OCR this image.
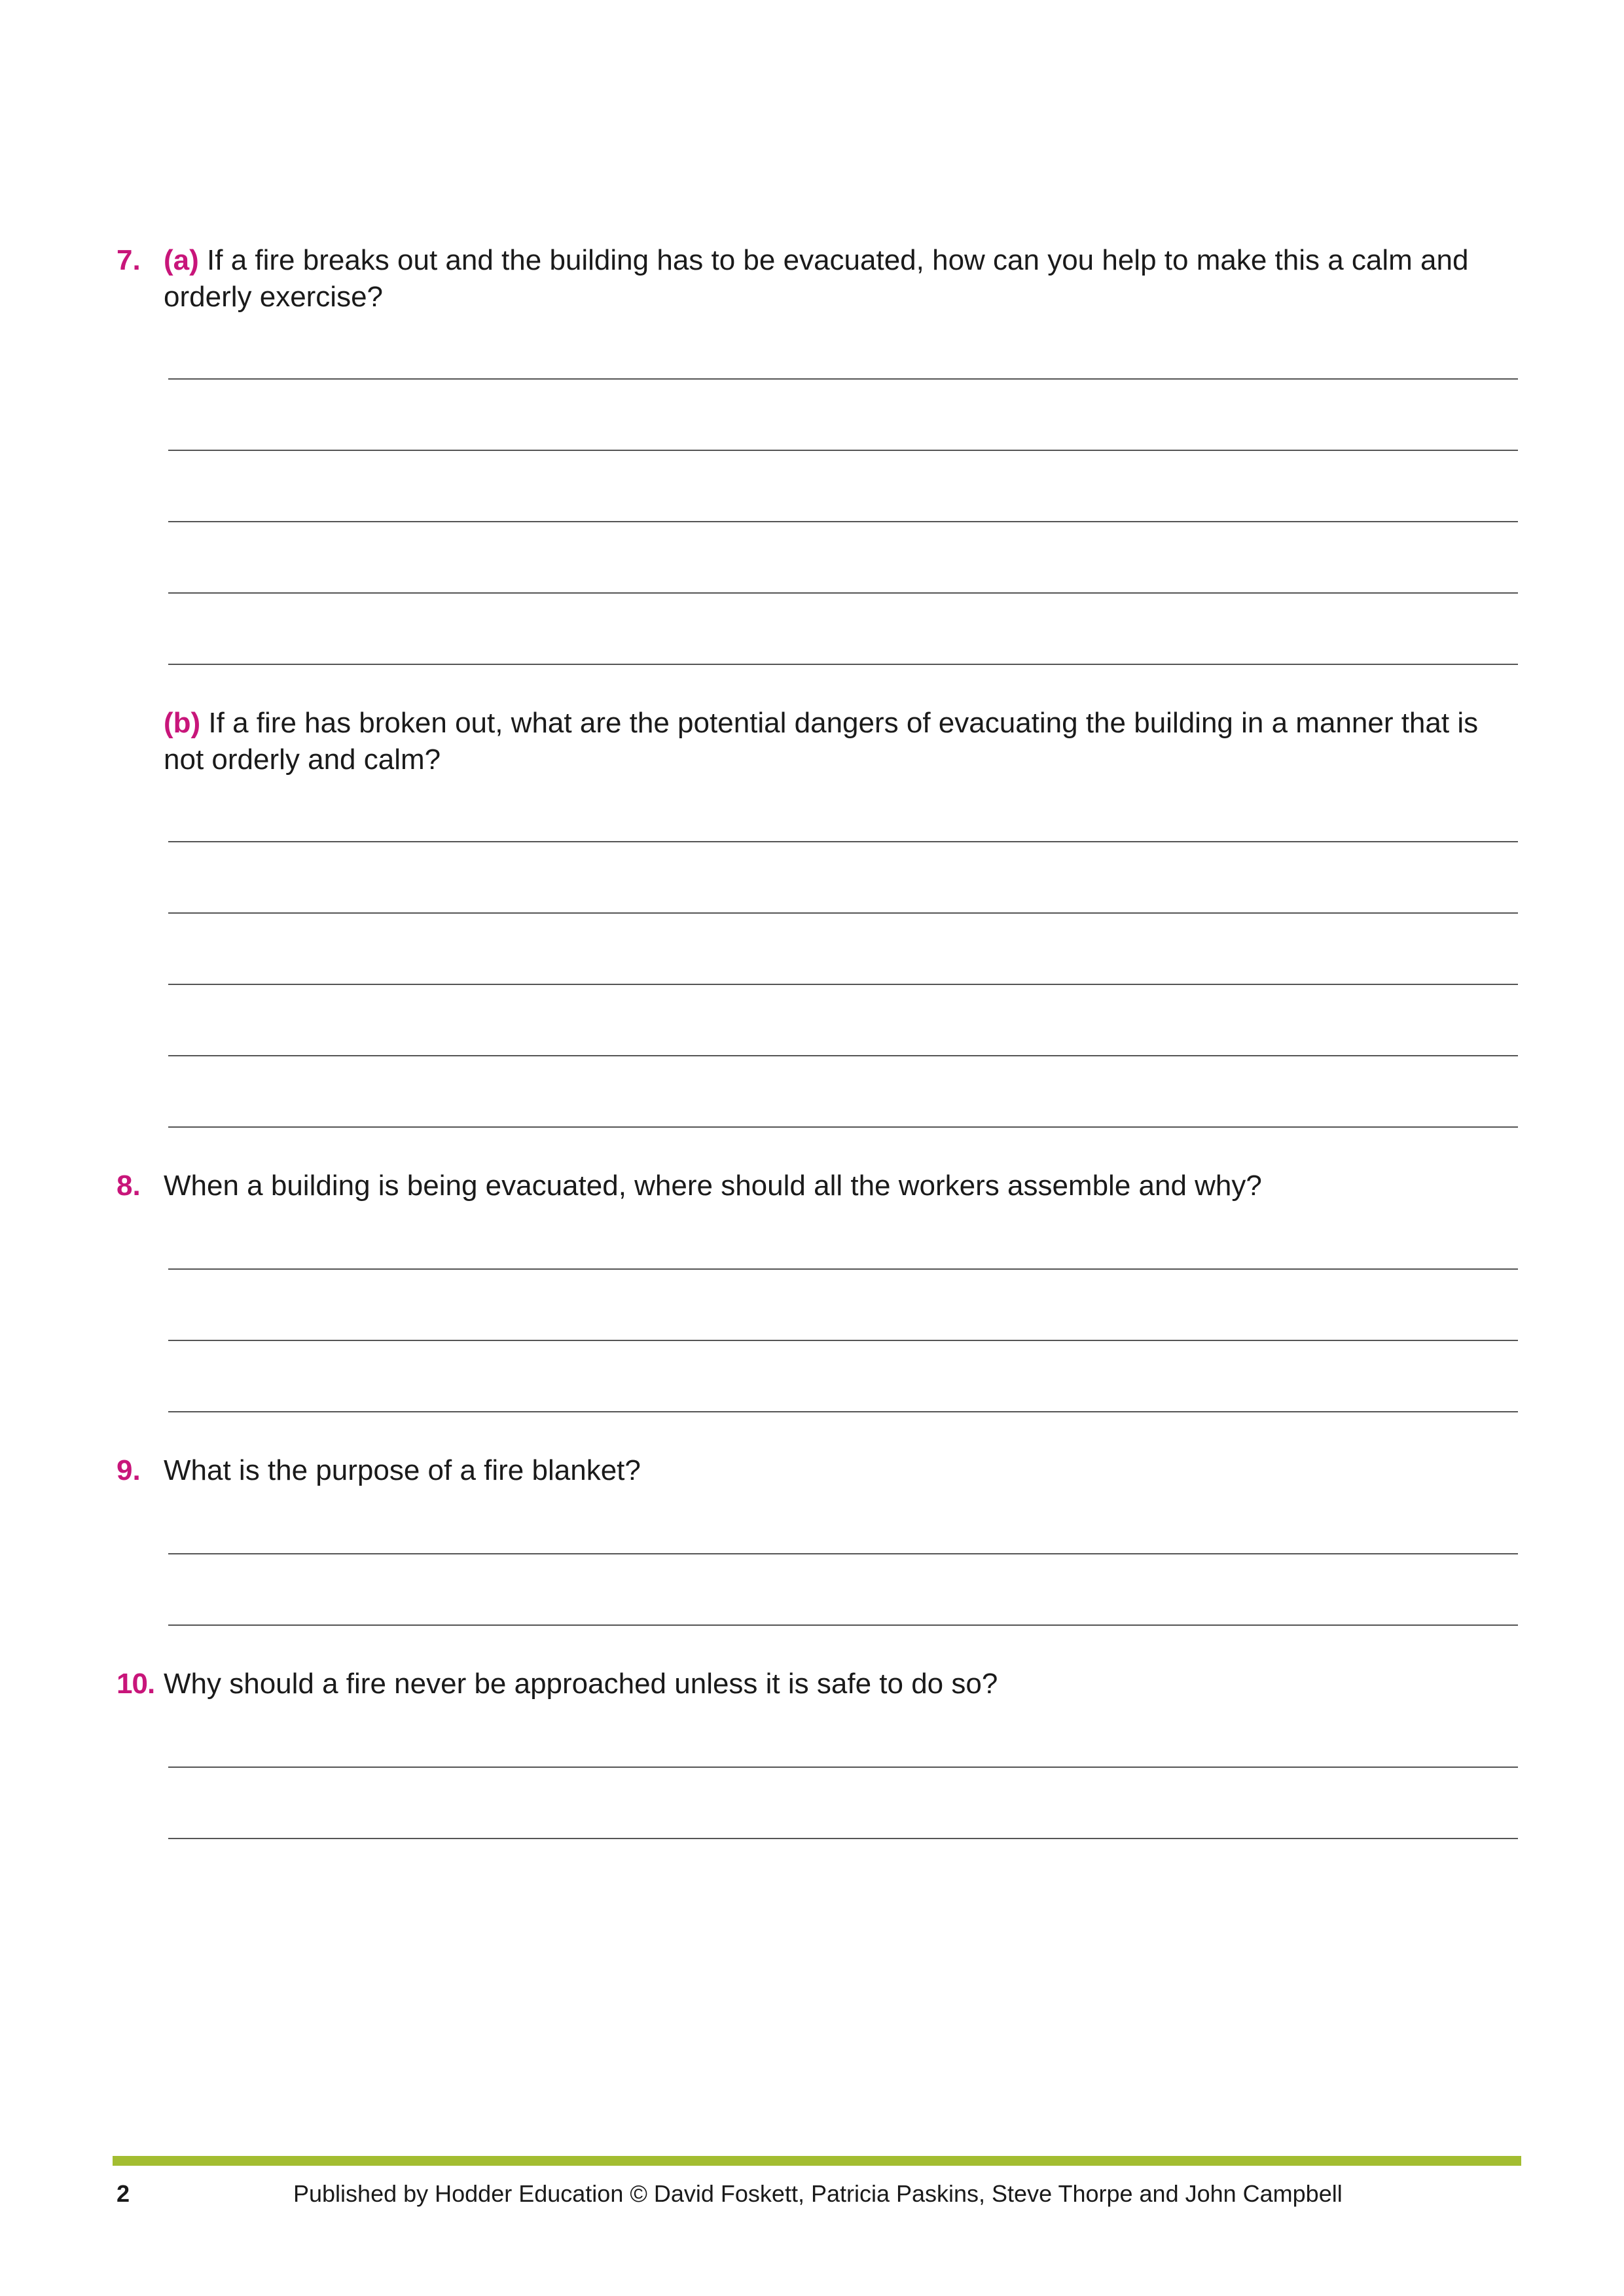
7. (a) If a fire breaks out and the building has to be evacuated, how can you help to make this a calm and orderly exercise?
(b) If a fire has broken out, what are the potential dangers of evacuating the building in a manner that is not orderly and calm?
8. When a building is being evacuated, where should all the workers assemble and why?
9. What is the purpose of a fire blanket?
10. Why should a fire never be approached unless it is safe to do so?
2	Published by Hodder Education © David Foskett, Patricia Paskins, Steve Thorpe and John Campbell
